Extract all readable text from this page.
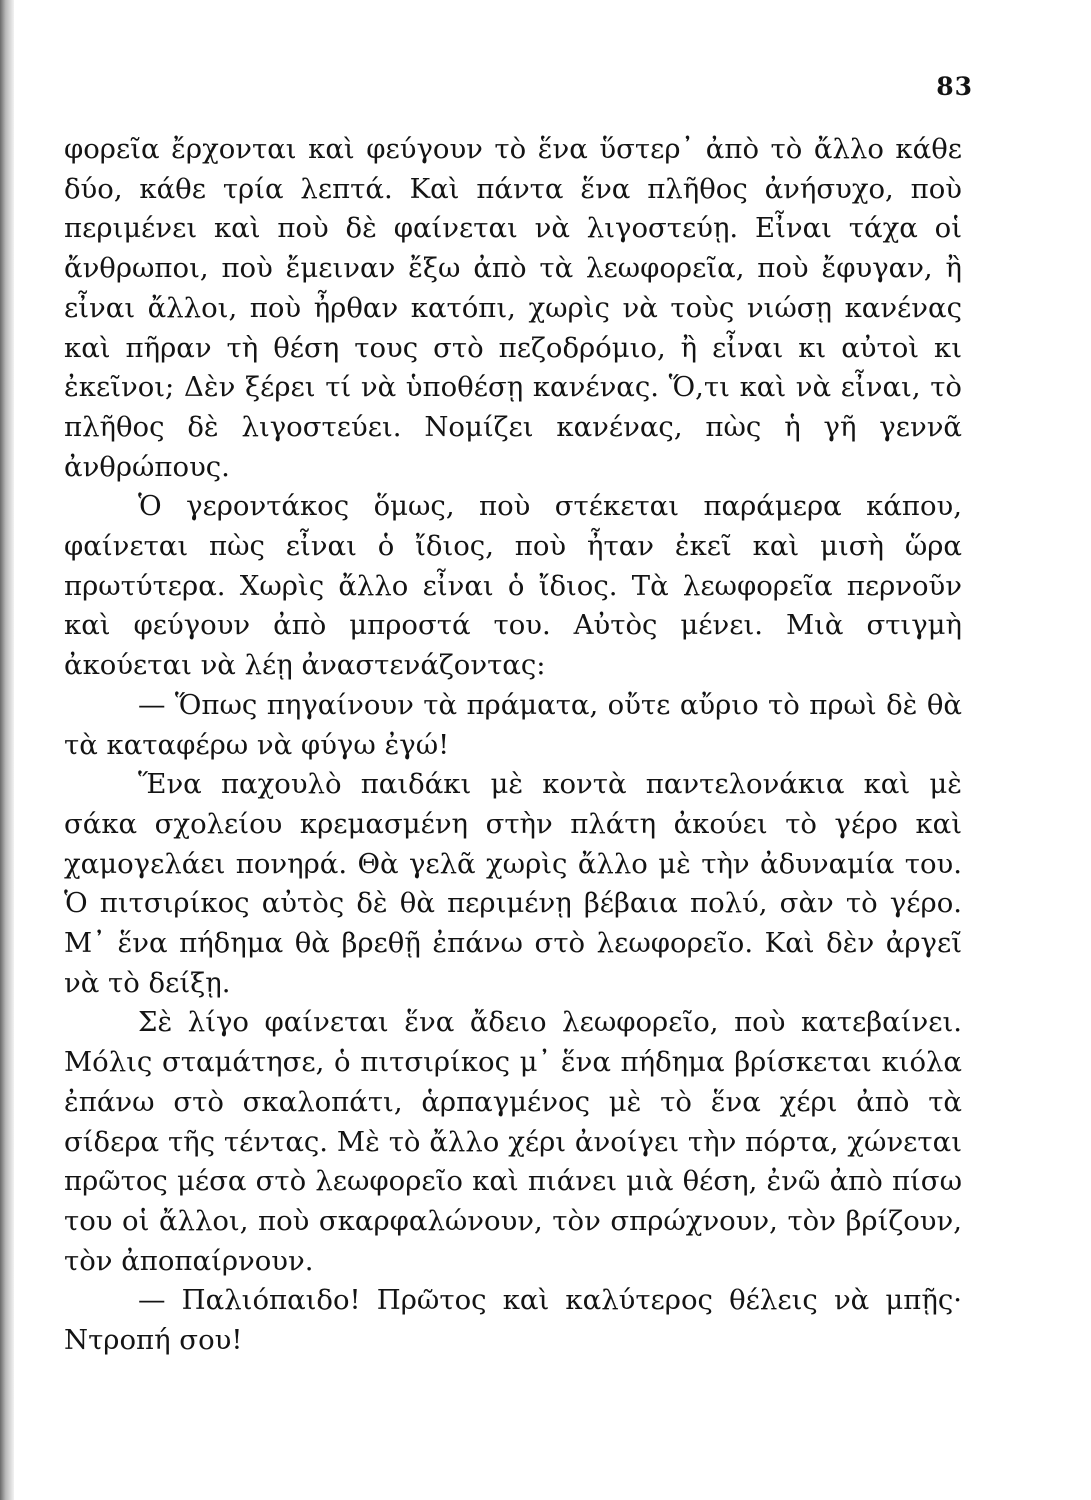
83

φορεῖα ἔρχονται καὶ φεύγουν τὸ ἕνα ὕστερ᾽ ἀπὸ τὸ ἄλλο κάθε δύο, κάθε τρία λεπτά. Καὶ πάντα ἕνα πλῆθος ἀνήσυχο, ποὺ περιμένει καὶ ποὺ δὲ φαίνεται νὰ λιγοστεύῃ. Εἶναι τάχα οἱ ἄνθρωποι, ποὺ ἔμειναν ἔξω ἀπὸ τὰ λεωφορεῖα, ποὺ ἔφυγαν, ἢ εἶναι ἄλλοι, ποὺ ἦρθαν κατόπι, χωρὶς νὰ τοὺς νιώσῃ κανένας καὶ πῆραν τὴ θέση τους στὸ πεζοδρόμιο, ἢ εἶναι κι αὐτοὶ κι ἐκεῖνοι; Δὲν ξέρει τί νὰ ὑποθέσῃ κανένας. Ὅ,τι καὶ νὰ εἶναι, τὸ πλῆθος δὲ λιγοστεύει. Νομίζει κανένας, πὼς ἡ γῆ γεννᾶ ἀνθρώπους.

Ὁ γεροντάκος ὅμως, ποὺ στέκεται παράμερα κάπου, φαίνεται πὼς εἶναι ὁ ἴδιος, ποὺ ἦταν ἐκεῖ καὶ μισὴ ὥρα πρωτύτερα. Χωρὶς ἄλλο εἶναι ὁ ἴδιος. Τὰ λεωφορεῖα περνοῦν καὶ φεύγουν ἀπὸ μπροστά του. Αὐτὸς μένει. Μιὰ στιγμὴ ἀκούεται νὰ λέῃ ἀναστενάζοντας:

— Ὅπως πηγαίνουν τὰ πράματα, οὔτε αὔριο τὸ πρωὶ δὲ θὰ τὰ καταφέρω νὰ φύγω ἐγώ!

Ἕνα παχουλὸ παιδάκι μὲ κοντὰ παντελονάκια καὶ μὲ σάκα σχολείου κρεμασμένη στὴν πλάτη ἀκούει τὸ γέρο καὶ χαμογελάει πονηρά. Θὰ γελᾶ χωρὶς ἄλλο μὲ τὴν ἀδυναμία του. Ὁ πιτσιρίκος αὐτὸς δὲ θὰ περιμένῃ βέβαια πολύ, σὰν τὸ γέρο. Μ᾽ ἕνα πήδημα θὰ βρεθῇ ἐπάνω στὸ λεωφορεῖο. Καὶ δὲν ἀργεῖ νὰ τὸ δείξῃ.

Σὲ λίγο φαίνεται ἕνα ἄδειο λεωφορεῖο, ποὺ κατεβαίνει. Μόλις σταμάτησε, ὁ πιτσιρίκος μ᾽ ἕνα πήδημα βρίσκεται κιόλα ἐπάνω στὸ σκαλοπάτι, ἁρπαγμένος μὲ τὸ ἕνα χέρι ἀπὸ τὰ σίδερα τῆς τέντας. Μὲ τὸ ἄλλο χέρι ἀνοίγει τὴν πόρτα, χώνεται πρῶτος μέσα στὸ λεωφορεῖο καὶ πιάνει μιὰ θέση, ἐνῶ ἀπὸ πίσω του οἱ ἄλλοι, ποὺ σκαρφαλώνουν, τὸν σπρώχνουν, τὸν βρίζουν, τὸν ἀποπαίρνουν.

— Παλιόπαιδο! Πρῶτος καὶ καλύτερος θέλεις νὰ μπῇς· Ντροπή σου!
